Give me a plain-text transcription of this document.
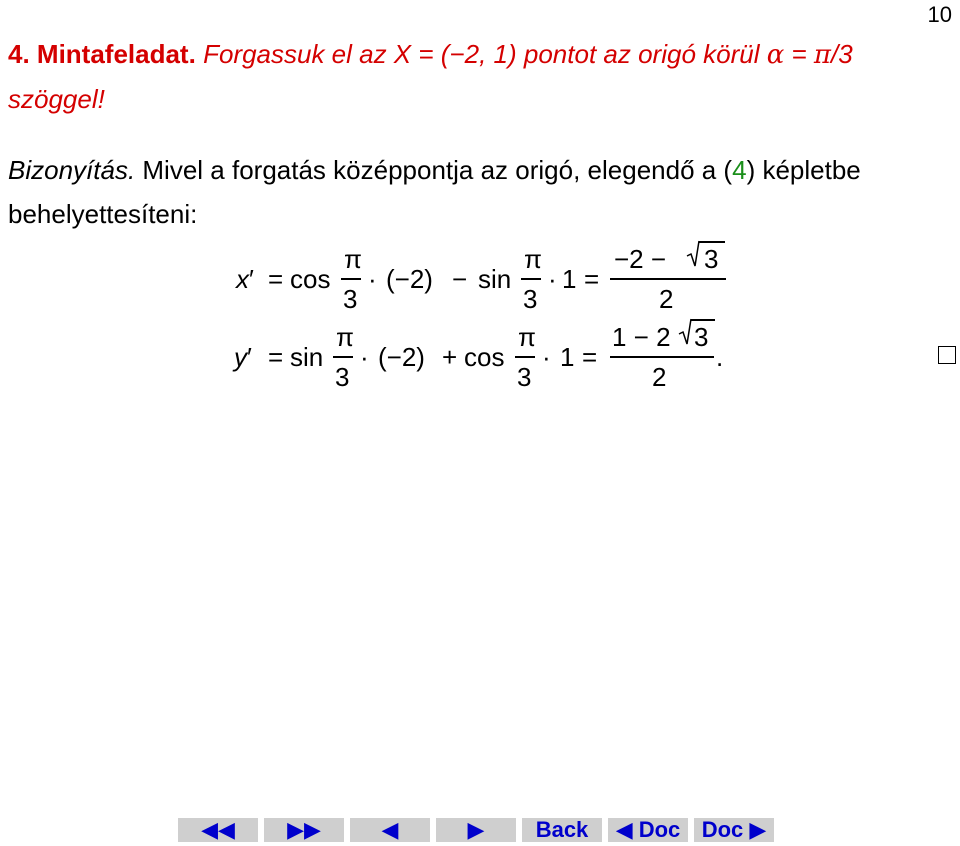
10
4. Mintafeladat. Forgassuk el az X = (−2, 1) pontot az origó körül α = π/3
szöggel!
Bizonyítás. Mivel a forgatás középpontja az origó, elegendő a (4) képletbe behelyettesíteni:
x′ = cos
π
3
· (−2) − sin
π
3
· 1 =
−2 − 3
2
y′ = sin
π
3
· (−2) + cos
π
3
· 1 =
1 − 2 3
2
.
◀◀	▶▶	◀	▶	Back	◀ Doc Doc ▶
